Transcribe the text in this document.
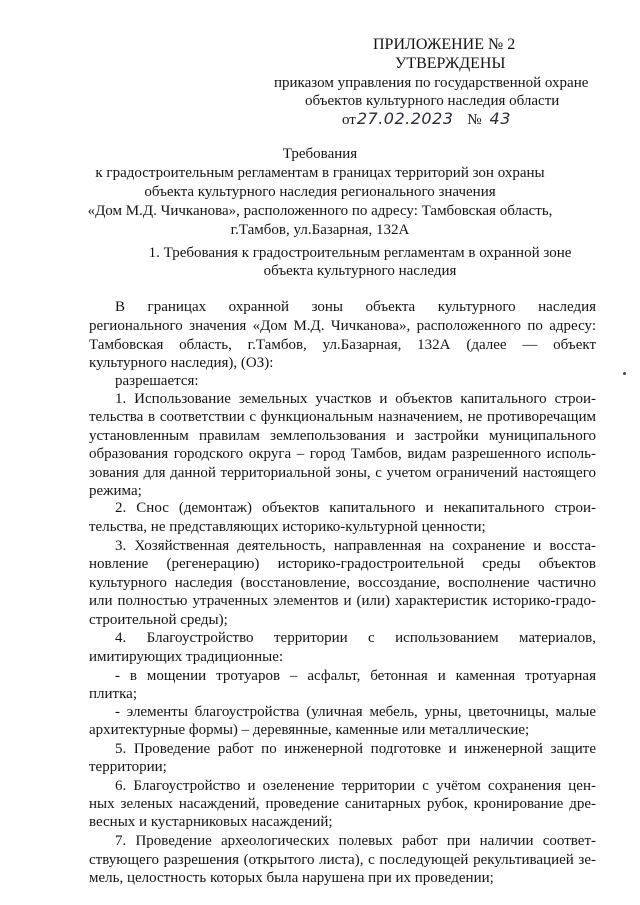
ПРИЛОЖЕНИЕ № 2
УТВЕРЖДЕНЫ
приказом управления по государственной охране
объектов культурного наследия области
от27.02.2023 № 43
Требования
к градостроительным регламентам в границах территорий зон охраны
объекта культурного наследия регионального значения
«Дом М.Д. Чичканова», расположенного по адресу: Тамбовская область,
г.Тамбов, ул.Базарная, 132А
1. Требования к градостроительным регламентам в охранной зоне
объекта культурного наследия
В границах охранной зоны объекта культурного наследия
регионального значения «Дом М.Д. Чичканова», расположенного по адресу:
Тамбовская область, г.Тамбов, ул.Базарная, 132А (далее — объект
культурного наследия), (ОЗ):
разрешается:
1. Использование земельных участков и объектов капитального строи-
тельства в соответствии с функциональным назначением, не противоречащим
установленным правилам землепользования и застройки муниципального
образования городского округа – город Тамбов, видам разрешенного исполь-
зования для данной территориальной зоны, с учетом ограничений настоящего
режима;
2. Снос (демонтаж) объектов капитального и некапитального строи-
тельства, не представляющих историко-культурной ценности;
3. Хозяйственная деятельность, направленная на сохранение и восста-
новление (регенерацию) историко-градостроительной среды объектов
культурного наследия (восстановление, воссоздание, восполнение частично
или полностью утраченных элементов и (или) характеристик историко-градо-
строительной среды);
4. Благоустройство территории с использованием материалов,
имитирующих традиционные:
- в мощении тротуаров – асфальт, бетонная и каменная тротуарная
плитка;
- элементы благоустройства (уличная мебель, урны, цветочницы, малые
архитектурные формы) – деревянные, каменные или металлические;
5. Проведение работ по инженерной подготовке и инженерной защите
территории;
6. Благоустройство и озеленение территории с учётом сохранения цен-
ных зеленых насаждений, проведение санитарных рубок, кронирование дре-
весных и кустарниковых насаждений;
7. Проведение археологических полевых работ при наличии соответ-
ствующего разрешения (открытого листа), с последующей рекультивацией зе-
мель, целостность которых была нарушена при их проведении;
